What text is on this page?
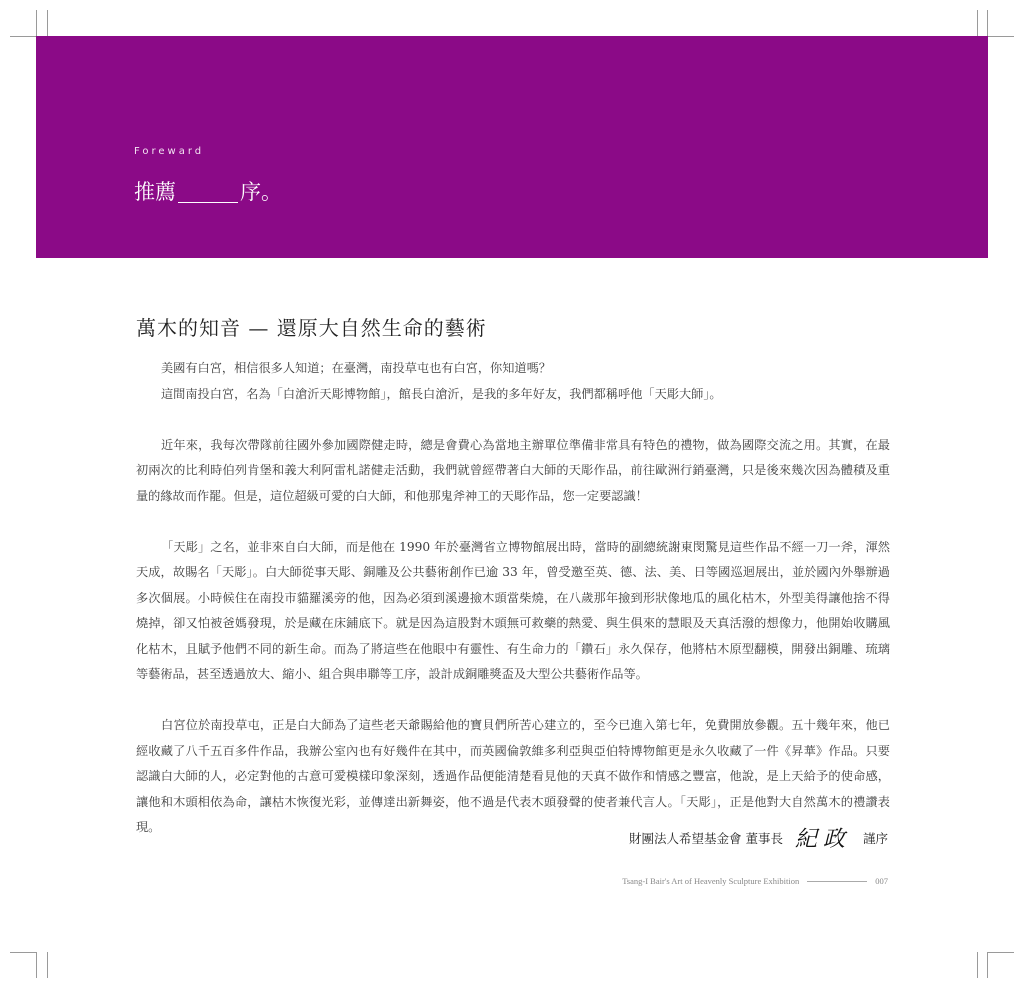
Foreward
推薦	序。
萬木的知音 — 還原大自然生命的藝術

美國有白宮，相信很多人知道；在臺灣，南投草屯也有白宮，你知道嗎？

這間南投白宮，名為「白滄沂天彫博物館」，館長白滄沂，是我的多年好友，我們都稱呼他「天彫大師」。

近年來，我每次帶隊前往國外參加國際健走時，總是會費心為當地主辦單位準備非常具有特色的禮物，做為國際交流之用。其實，在最初兩次的比利時伯列肯堡和義大利阿雷札諾健走活動，我們就曾經帶著白大師的天彫作品，前往歐洲行銷臺灣，只是後來幾次因為體積及重量的緣故而作罷。但是，這位超級可愛的白大師，和他那鬼斧神工的天彫作品，您一定要認識！

「天彫」之名，並非來自白大師，而是他在 1990 年於臺灣省立博物館展出時，當時的副總統謝東閔驚見這些作品不經一刀一斧，渾然天成，故賜名「天彫」。白大師從事天彫、銅雕及公共藝術創作已逾 33 年，曾受邀至英、德、法、美、日等國巡迴展出，並於國內外舉辦過多次個展。小時候住在南投市貓羅溪旁的他，因為必須到溪邊撿木頭當柴燒，在八歲那年撿到形狀像地瓜的風化枯木，外型美得讓他捨不得燒掉，卻又怕被爸媽發現，於是藏在床鋪底下。就是因為這股對木頭無可救藥的熱愛、與生俱來的慧眼及天真活潑的想像力，他開始收購風化枯木，且賦予他們不同的新生命。而為了將這些在他眼中有靈性、有生命力的「鑽石」永久保存，他將枯木原型翻模，開發出銅雕、琉璃等藝術品，甚至透過放大、縮小、組合與串聯等工序，設計成銅雕獎盃及大型公共藝術作品等。

白宮位於南投草屯，正是白大師為了這些老天爺賜給他的寶貝們所苦心建立的，至今已進入第七年，免費開放參觀。五十幾年來，他已經收藏了八千五百多件作品，我辦公室內也有好幾件在其中，而英國倫敦維多利亞與亞伯特博物館更是永久收藏了一件《昇華》作品。只要認識白大師的人，必定對他的古意可愛模樣印象深刻，透過作品便能清楚看見他的天真不做作和情感之豐富，他說，是上天給予的使命感，讓他和木頭相依為命，讓枯木恢復光彩，並傳達出新舞姿，他不過是代表木頭發聲的使者兼代言人。「天彫」，正是他對大自然萬木的禮讚表現。

財團法人希望基金會 董事長 紀政 謹序
Tsang-I Bair's Art of Heavenly Sculpture Exhibition	007
